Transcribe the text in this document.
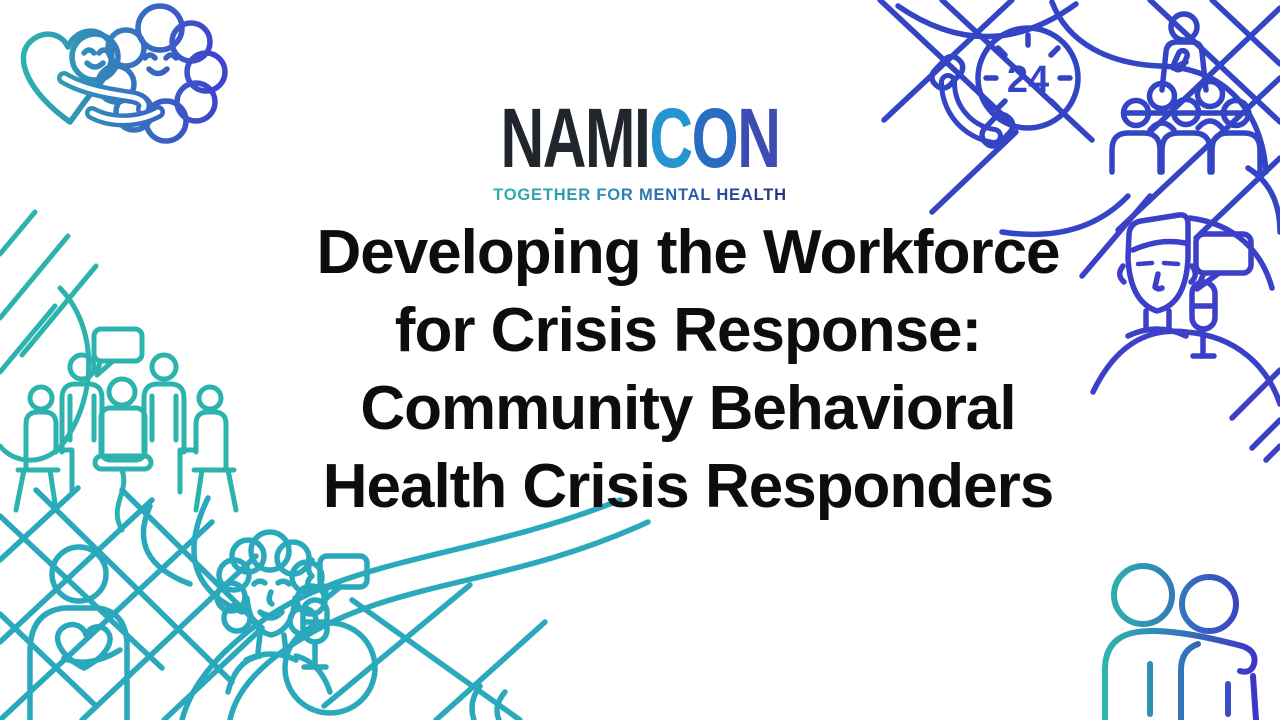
24
NAMICON
TOGETHER FOR MENTAL HEALTH
Developing the Workforce
for Crisis Response:
Community Behavioral
Health Crisis Responders
